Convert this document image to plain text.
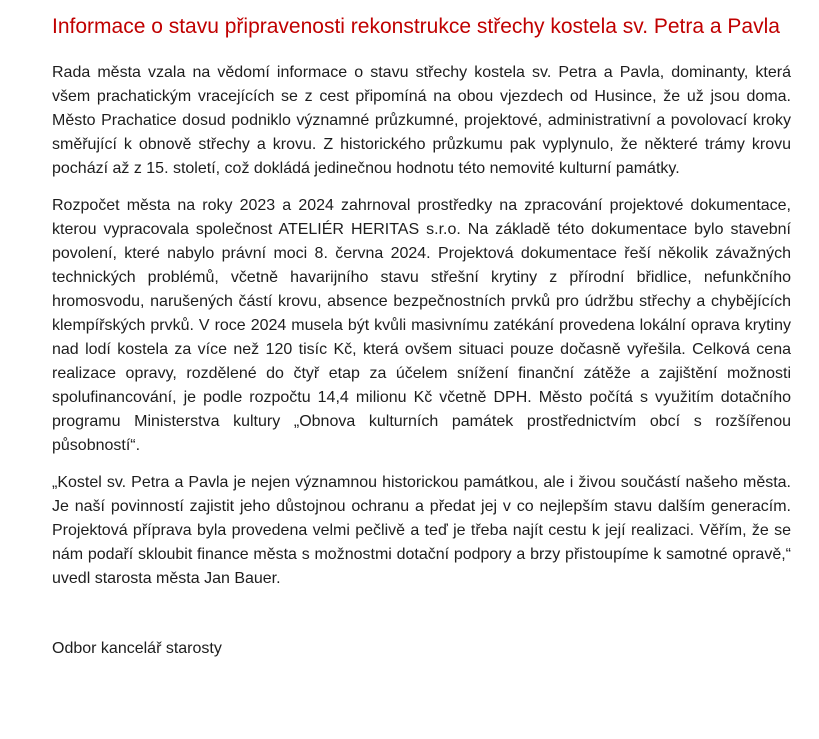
Informace o stavu připravenosti rekonstrukce střechy kostela sv. Petra a Pavla

Rada města vzala na vědomí informace o stavu střechy kostela sv. Petra a Pavla, dominanty, která všem prachatickým vracejících se z cest připomíná na obou vjezdech od Husince, že už jsou doma. Město Prachatice dosud podniklo významné průzkumné, projektové, administrativní a povolovací kroky směřující k obnově střechy a krovu. Z historického průzkumu pak vyplynulo, že některé trámy krovu pochází až z 15. století, což dokládá jedinečnou hodnotu této nemovité kulturní památky.

Rozpočet města na roky 2023 a 2024 zahrnoval prostředky na zpracování projektové dokumentace, kterou vypracovala společnost ATELIÉR HERITAS s.r.o. Na základě této dokumentace bylo stavební povolení, které nabylo právní moci 8. června 2024. Projektová dokumentace řeší několik závažných technických problémů, včetně havarijního stavu střešní krytiny z přírodní břidlice, nefunkčního hromosvodu, narušených částí krovu, absence bezpečnostních prvků pro údržbu střechy a chybějících klempířských prvků. V roce 2024 musela být kvůli masivnímu zatékání provedena lokální oprava krytiny nad lodí kostela za více než 120 tisíc Kč, která ovšem situaci pouze dočasně vyřešila. Celková cena realizace opravy, rozdělené do čtyř etap za účelem snížení finanční zátěže a zajištění možnosti spolufinancování, je podle rozpočtu 14,4 milionu Kč včetně DPH. Město počítá s využitím dotačního programu Ministerstva kultury „Obnova kulturních památek prostřednictvím obcí s rozšířenou působností“.

„Kostel sv. Petra a Pavla je nejen významnou historickou památkou, ale i živou součástí našeho města. Je naší povinností zajistit jeho důstojnou ochranu a předat jej v co nejlepším stavu dalším generacím. Projektová příprava byla provedena velmi pečlivě a teď je třeba najít cestu k její realizaci. Věřím, že se nám podaří skloubit finance města s možnostmi dotační podpory a brzy přistoupíme k samotné opravě,“ uvedl starosta města Jan Bauer.

Odbor kancelář starosty
